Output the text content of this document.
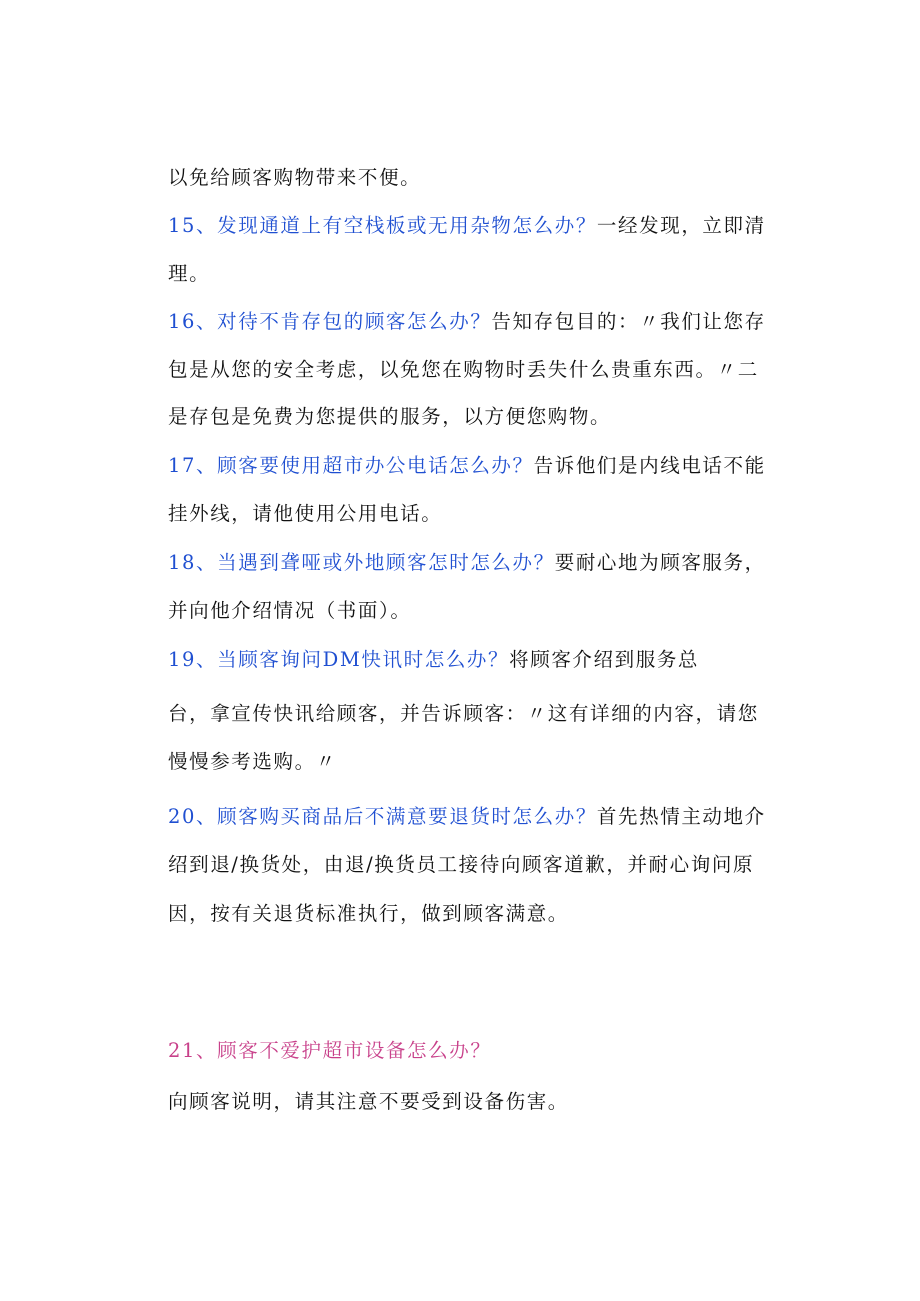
以免给顾客购物带来不便。
15、发现通道上有空栈板或无用杂物怎么办？一经发现，立即清
理。
16、对待不肯存包的顾客怎么办？告知存包目的：〃我们让您存
包是从您的安全考虑，以免您在购物时丢失什么贵重东西。〃二
是存包是免费为您提供的服务，以方便您购物。
17、顾客要使用超市办公电话怎么办？告诉他们是内线电话不能
挂外线，请他使用公用电话。
18、当遇到聋哑或外地顾客怎时怎么办？要耐心地为顾客服务，
并向他介绍情况（书面）。
19、当顾客询问DM快讯时怎么办？将顾客介绍到服务总
台，拿宣传快讯给顾客，并告诉顾客：〃这有详细的内容，请您
慢慢参考选购。〃
20、顾客购买商品后不满意要退货时怎么办？首先热情主动地介
绍到退/换货处，由退/换货员工接待向顾客道歉，并耐心询问原
因，按有关退货标准执行，做到顾客满意。
21、顾客不爱护超市设备怎么办？
向顾客说明，请其注意不要受到设备伤害。
